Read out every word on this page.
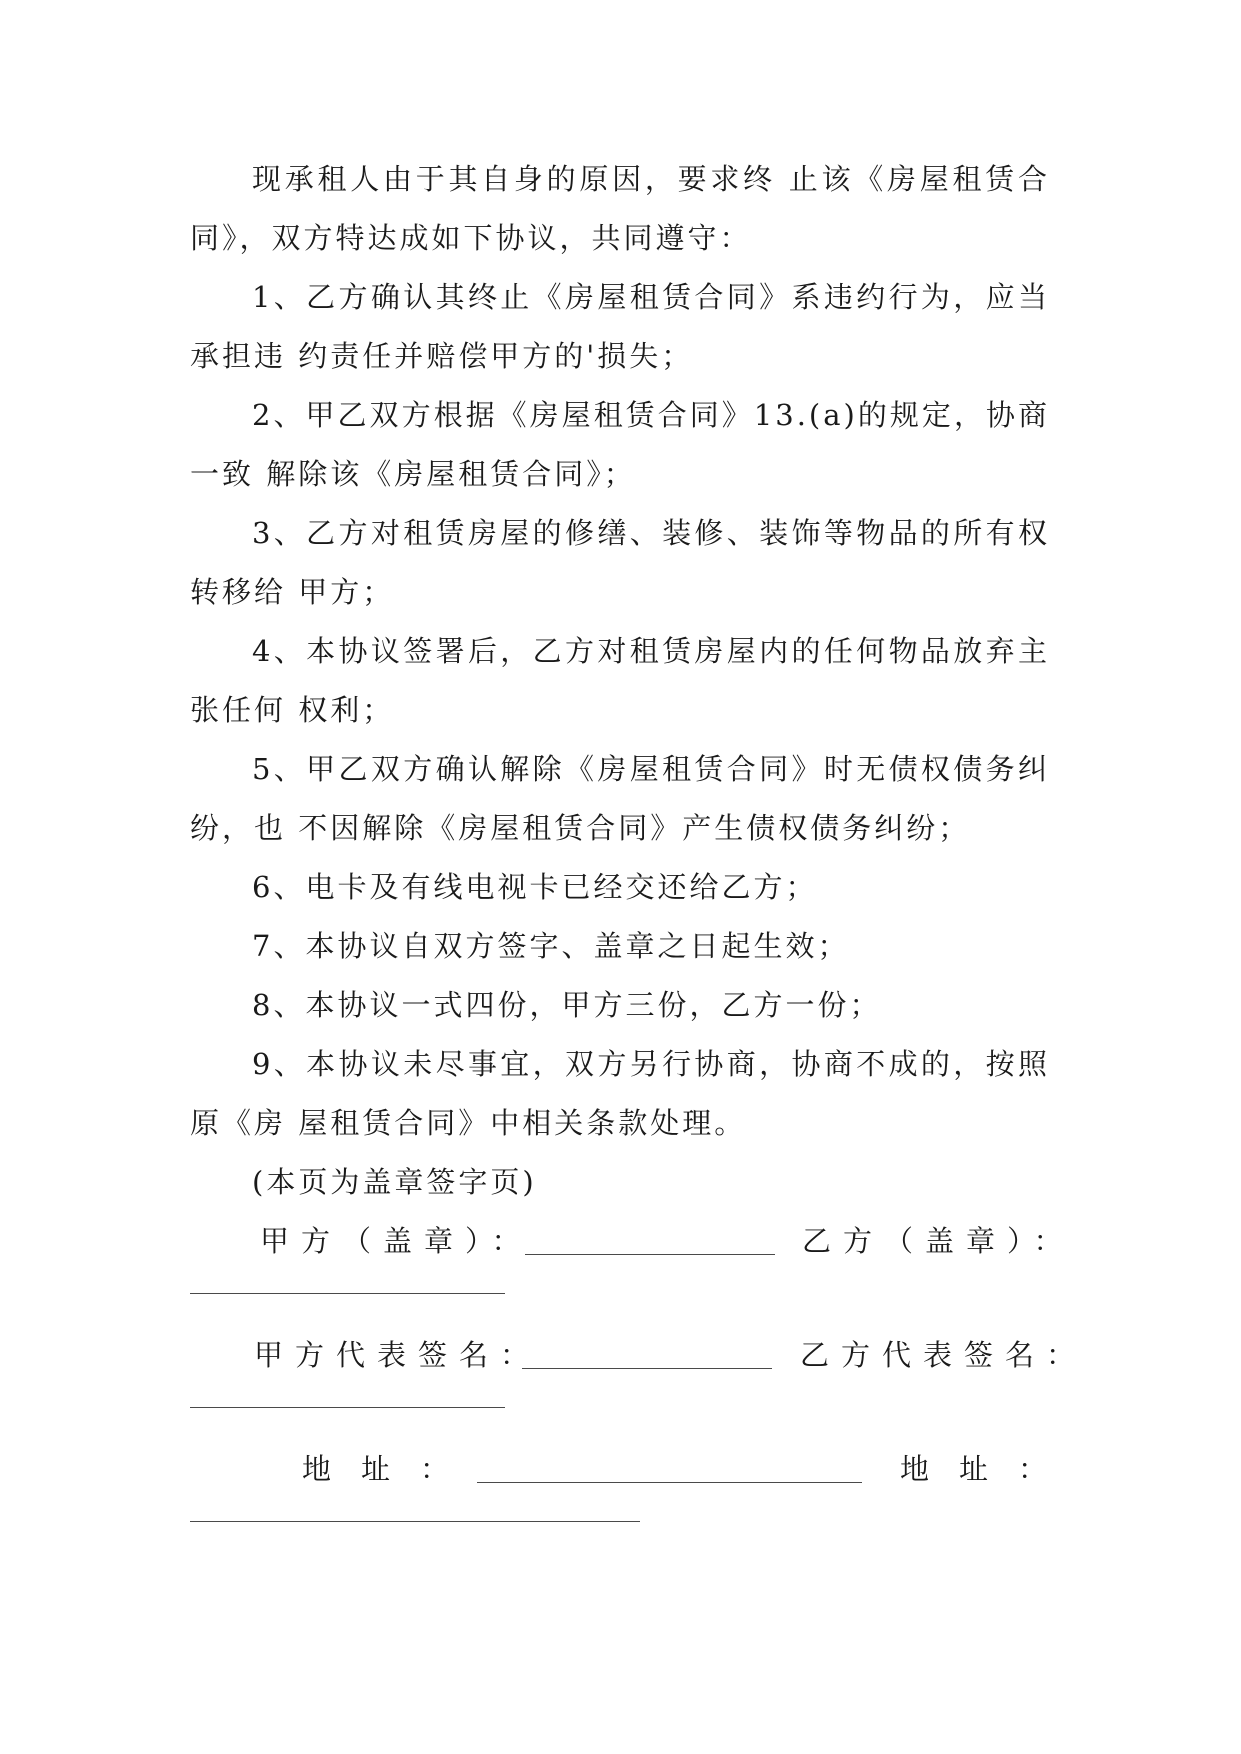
现承租人由于其自身的原因，要求终 止该《房屋租赁合同》，双方特达成如下协议，共同遵守：

1、乙方确认其终止《房屋租赁合同》系违约行为，应当承担违 约责任并赔偿甲方的'损失；

2、甲乙双方根据《房屋租赁合同》13.(a)的规定，协商一致 解除该《房屋租赁合同》；

3、乙方对租赁房屋的修缮、装修、装饰等物品的所有权转移给 甲方；

4、本协议签署后，乙方对租赁房屋内的任何物品放弃主张任何 权利；

5、甲乙双方确认解除《房屋租赁合同》时无债权债务纠纷，也 不因解除《房屋租赁合同》产生债权债务纠纷；

6、电卡及有线电视卡已经交还给乙方；

7、本协议自双方签字、盖章之日起生效；

8、本协议一式四份，甲方三份，乙方一份；

9、本协议未尽事宜，双方另行协商，协商不成的，按照原《房 屋租赁合同》中相关条款处理。

(本页为盖章签字页)

甲方（盖章）：	乙方（盖章）：
甲方代表签名：	乙方代表签名：
地址：	地址：
